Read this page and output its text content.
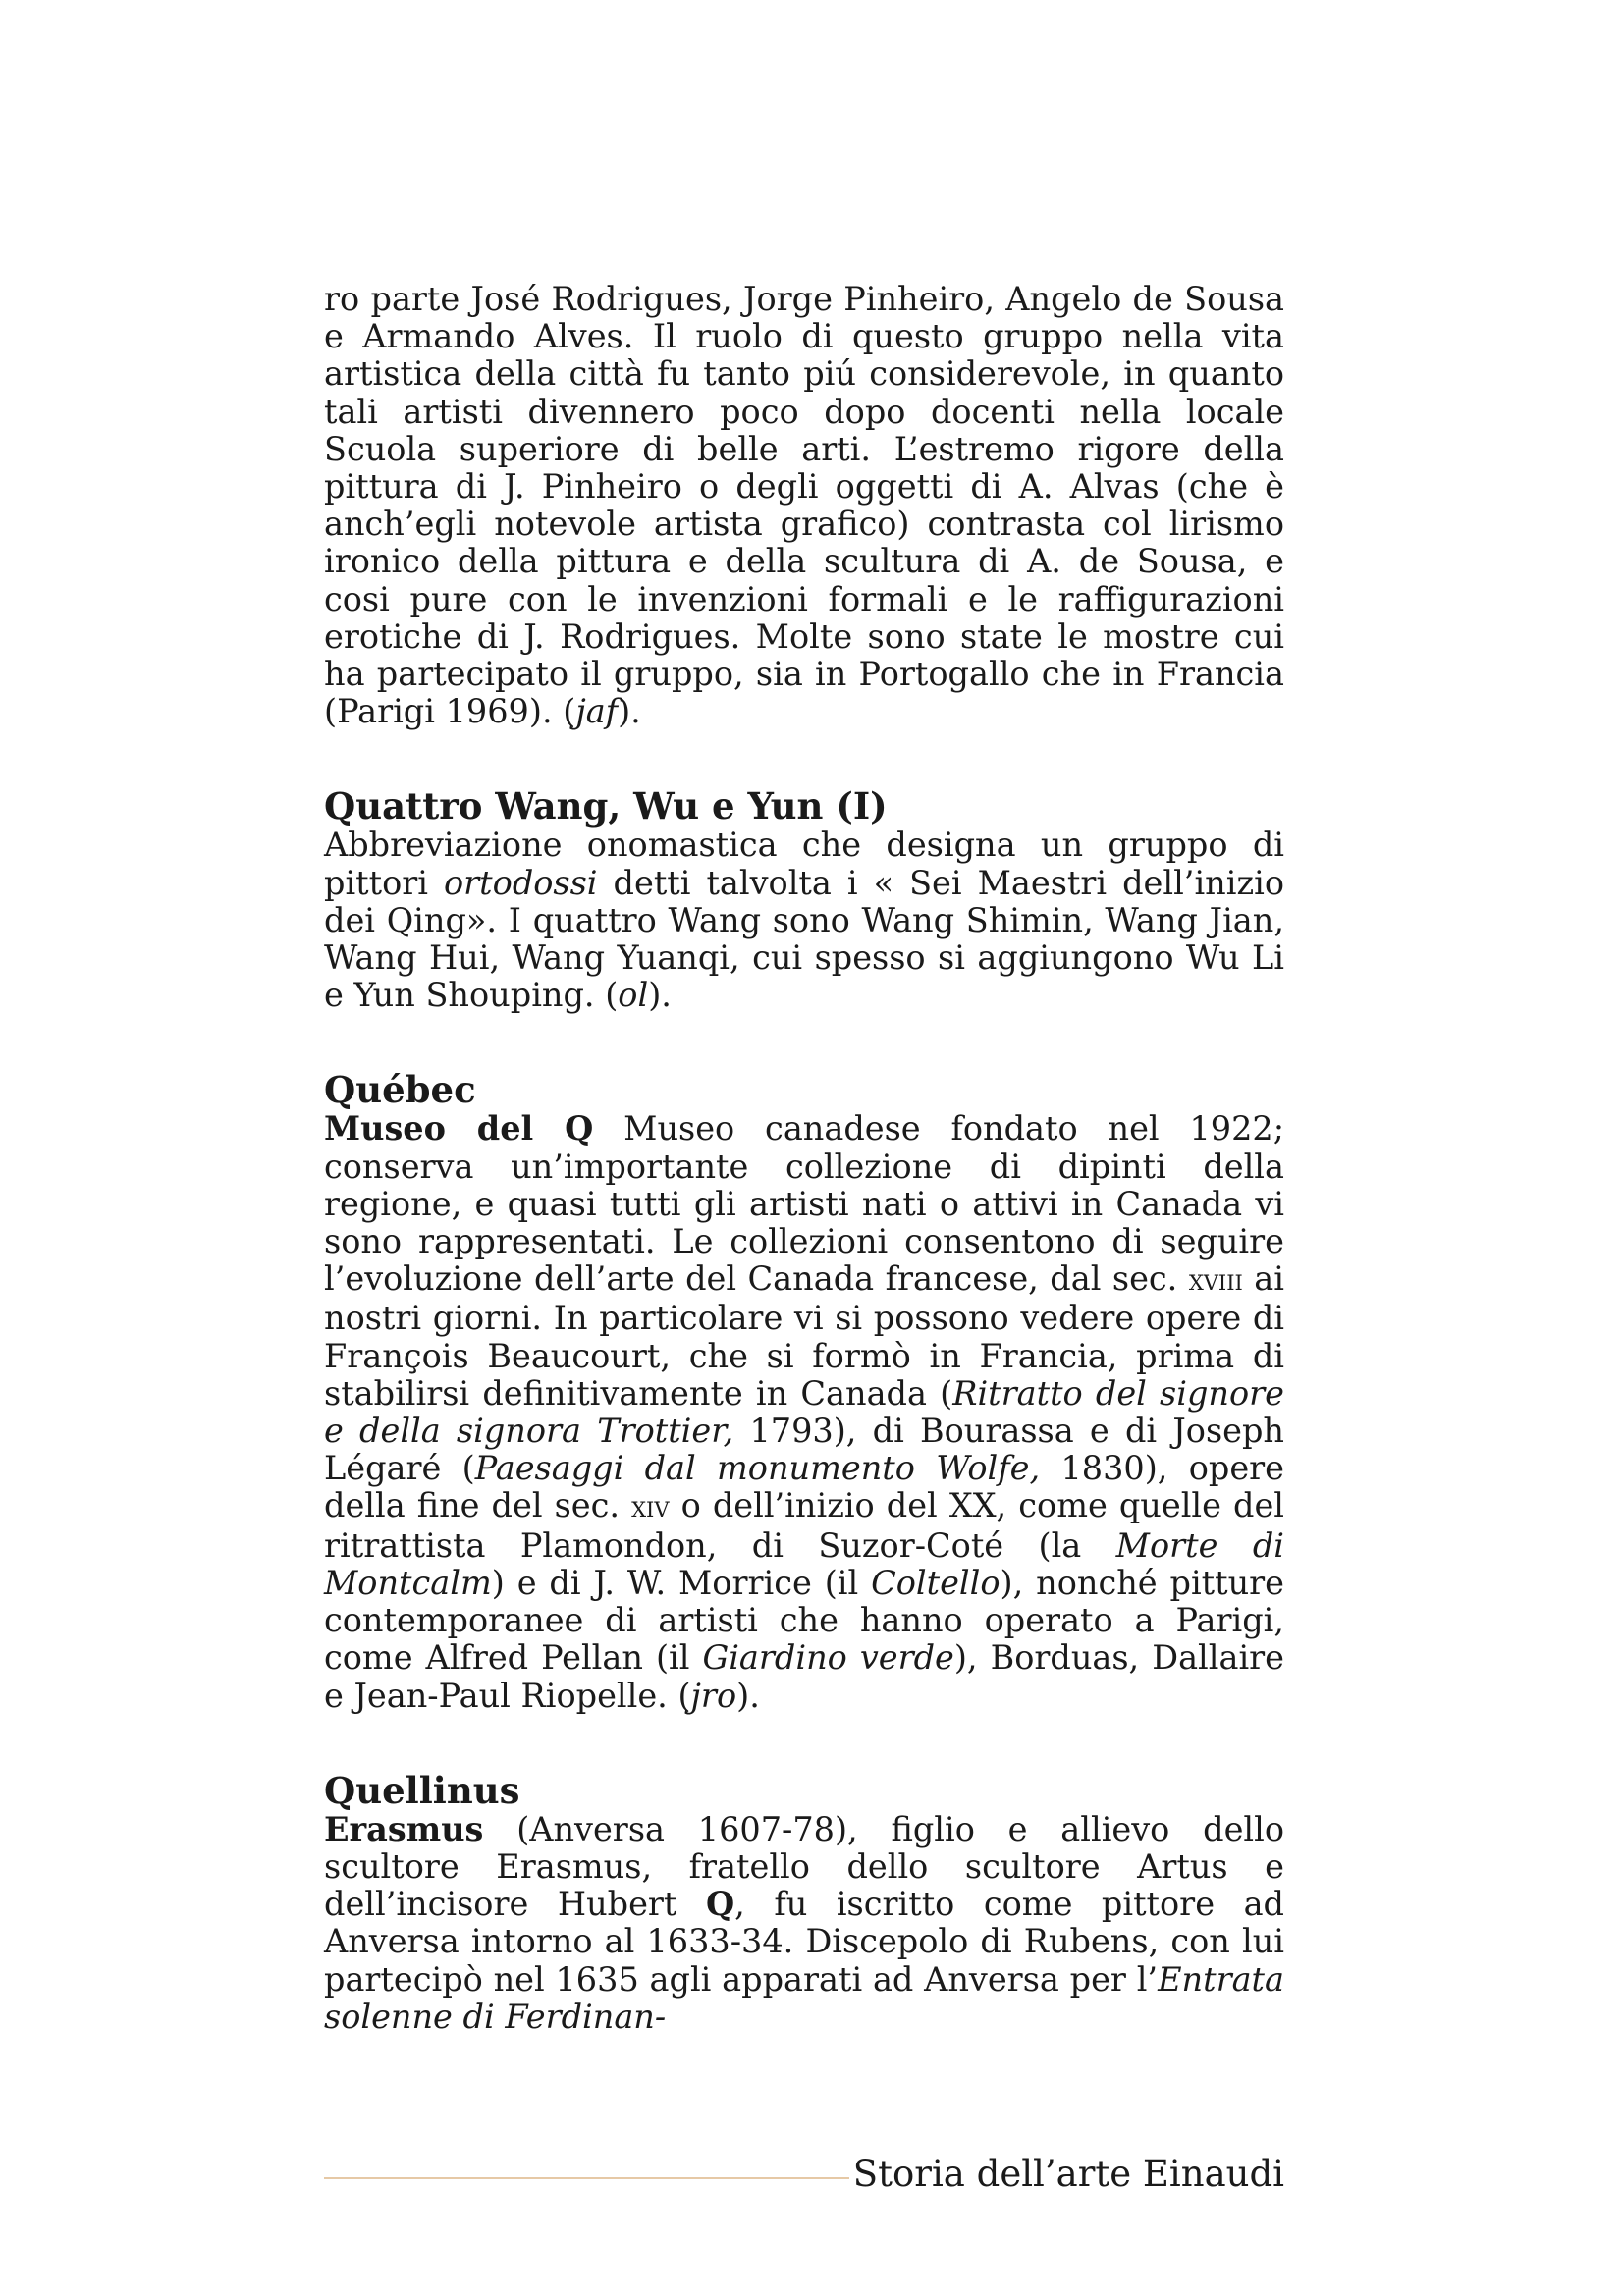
ro parte José Rodrigues, Jorge Pinheiro, Angelo de Sousa e Armando Alves. Il ruolo di questo gruppo nella vita artistica della città fu tanto piú considerevole, in quanto tali artisti divennero poco dopo docenti nella locale Scuola superiore di belle arti. L’estremo rigore della pittura di J. Pinheiro o degli oggetti di A. Alvas (che è anch’egli notevole artista grafico) contrasta col lirismo ironico della pittura e della scultura di A. de Sousa, e cosi pure con le invenzioni formali e le raffigurazioni erotiche di J. Rodrigues. Molte sono state le mostre cui ha partecipato il gruppo, sia in Portogallo che in Francia (Parigi 1969). (jaf).

Quattro Wang, Wu e Yun (I)

Abbreviazione onomastica che designa un gruppo di pittori ortodossi detti talvolta i « Sei Maestri dell’inizio dei Qing». I quattro Wang sono Wang Shimin, Wang Jian, Wang Hui, Wang Yuanqi, cui spesso si aggiungono Wu Li e Yun Shouping. (ol).

Québec

Museo del Q Museo canadese fondato nel 1922; conserva un’importante collezione di dipinti della regione, e quasi tutti gli artisti nati o attivi in Canada vi sono rappresentati. Le collezioni consentono di seguire l’evoluzione dell’arte del Canada francese, dal sec. xviii ai nostri giorni. In particolare vi si possono vedere opere di François Beaucourt, che si formò in Francia, prima di stabilirsi definitivamente in Canada (Ritratto del signore e della signora Trottier, 1793), di Bourassa e di Joseph Légaré (Paesaggi dal monumento Wolfe, 1830), opere della fine del sec. xiv o dell’inizio del XX, come quelle del ritrattista Plamondon, di Suzor-Coté (la Morte di Montcalm) e di J. W. Morrice (il Coltello), nonché pitture contemporanee di artisti che hanno operato a Parigi, come Alfred Pellan (il Giardino verde), Borduas, Dallaire e Jean-Paul Riopelle. (jro).

Quellinus

Erasmus (Anversa 1607-78), figlio e allievo dello scultore Erasmus, fratello dello scultore Artus e dell’incisore Hubert Q, fu iscritto come pittore ad Anversa intorno al 1633-34. Discepolo di Rubens, con lui partecipò nel 1635 agli apparati ad Anversa per l’Entrata solenne di Ferdinan-

Storia dell’arte Einaudi
